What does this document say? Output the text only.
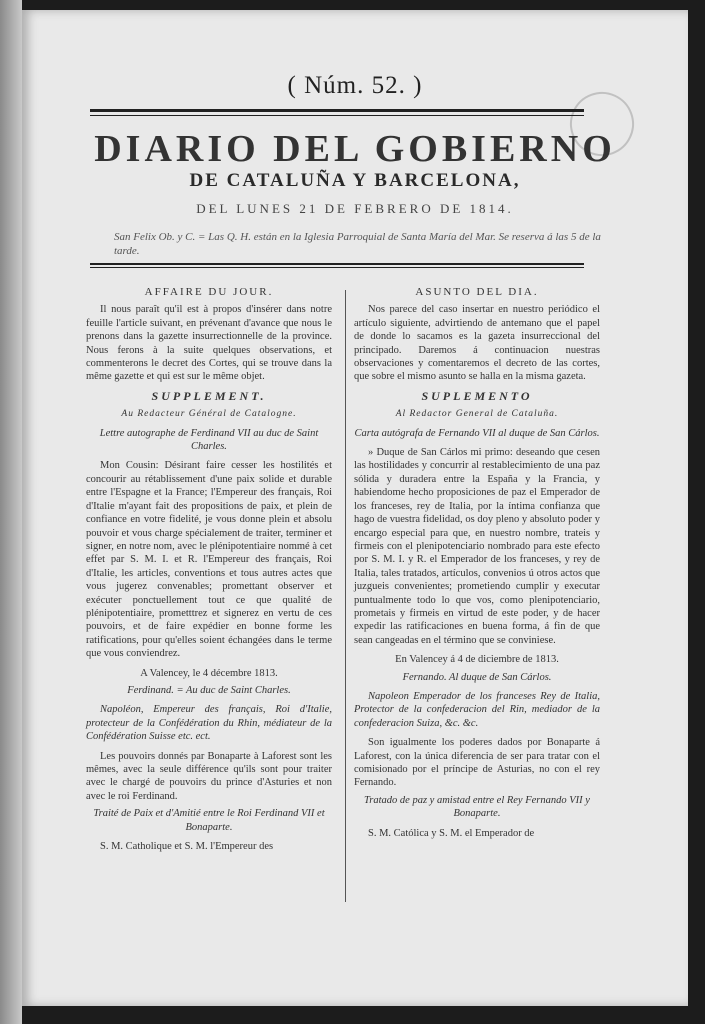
( Núm. 52. )
DIARIO DEL GOBIERNO
DE CATALUÑA Y BARCELONA,
DEL LUNES 21 DE FEBRERO DE 1814.
San Felix Ob. y C. = Las Q. H. están en la Iglesia Parroquial de Santa María del Mar. Se reserva á las 5 de la tarde.
AFFAIRE DU JOUR.
Il nous paraît qu'il est à propos d'insérer dans notre feuille l'article suivant, en prévenant d'avance que nous le prenons dans la gazette insurrectionnelle de la province. Nous ferons à la suite quelques observations, et commenterons le decret des Cortes, qui se trouve dans la même gazette et qui est sur le même objet.
SUPPLEMENT.
Au Redacteur Général de Catalogne.
Lettre autographe de Ferdinand VII au duc de Saint Charles.
Mon Cousin: Désirant faire cesser les hostilités et concourir au rétablissement d'une paix solide et durable entre l'Espagne et la France; l'Empereur des français, Roi d'Italie m'ayant fait des propositions de paix, et plein de confiance en votre fidelité, je vous donne plein et absolu pouvoir et vous charge spécialement de traiter, terminer et signer, en notre nom, avec le plénipotentiaire nommé à cet effet par S. M. I. et R. l'Empereur des français, Roi d'Italie, les articles, conventions et tous autres actes que vous jugerez convenables; promettant observer et exécuter ponctuellement tout ce que qualité de plénipotentiaire, prometttrez et signerez en vertu de ces pouvoirs, et de faire expédier en bonne forme les ratifications, pour qu'elles soient échangées dans le terme que vous conviendrez.
A Valencey, le 4 décembre 1813.
Ferdinand. = Au duc de Saint Charles.
Napoléon, Empereur des français, Roi d'Italie, protecteur de la Confédération du Rhin, médiateur de la Confédération Suisse etc. ect.
Les pouvoirs donnés par Bonaparte à Laforest sont les mêmes, avec la seule différence qu'ils sont pour traiter avec le chargé de pouvoirs du prince d'Asturies et non avec le roi Ferdinand.
Traité de Paix et d'Amitié entre le Roi Ferdinand VII et Bonaparte.
S. M. Catholique et S. M. l'Empereur des
ASUNTO DEL DIA.
Nos parece del caso insertar en nuestro periódico el artículo siguiente, advirtiendo de antemano que el papel de donde lo sacamos es la gazeta insurreccional del principado. Daremos á continuacion nuestras observaciones y comentaremos el decreto de las cortes, que sobre el mismo asunto se halla en la misma gazeta.
SUPLEMENTO
Al Redactor General de Cataluña.
Carta autógrafa de Fernando VII al duque de San Cárlos.
» Duque de San Cárlos mi primo: deseando que cesen las hostilidades y concurrir al restablecimiento de una paz sólida y duradera entre la España y la Francia, y habiendome hecho proposiciones de paz el Emperador de los franceses, rey de Italia, por la íntima confianza que hago de vuestra fidelidad, os doy pleno y absoluto poder y encargo especial para que, en nuestro nombre, trateis y firmeis con el plenipotenciario nombrado para este efecto por S. M. I. y R. el Emperador de los franceses, y rey de Italia, tales tratados, artículos, convenios ú otros actos que juzgueis convenientes; prometiendo cumplir y executar puntualmente todo lo que vos, como plenipotenciario, prometais y firmeis en virtud de este poder, y de hacer expedir las ratificaciones en buena forma, á fin de que sean cangeadas en el término que se conviniese.
En Valencey á 4 de diciembre de 1813.
Fernando. Al duque de San Cárlos.
Napoleon Emperador de los franceses Rey de Italia, Protector de la confederacion del Rin, mediador de la confederacion Suiza, &c. &c.
Son igualmente los poderes dados por Bonaparte á Laforest, con la única diferencia de ser para tratar con el comisionado por el príncipe de Asturias, no con el rey Fernando.
Tratado de paz y amistad entre el Rey Fernando VII y Bonaparte.
S. M. Católica y S. M. el Emperador de
